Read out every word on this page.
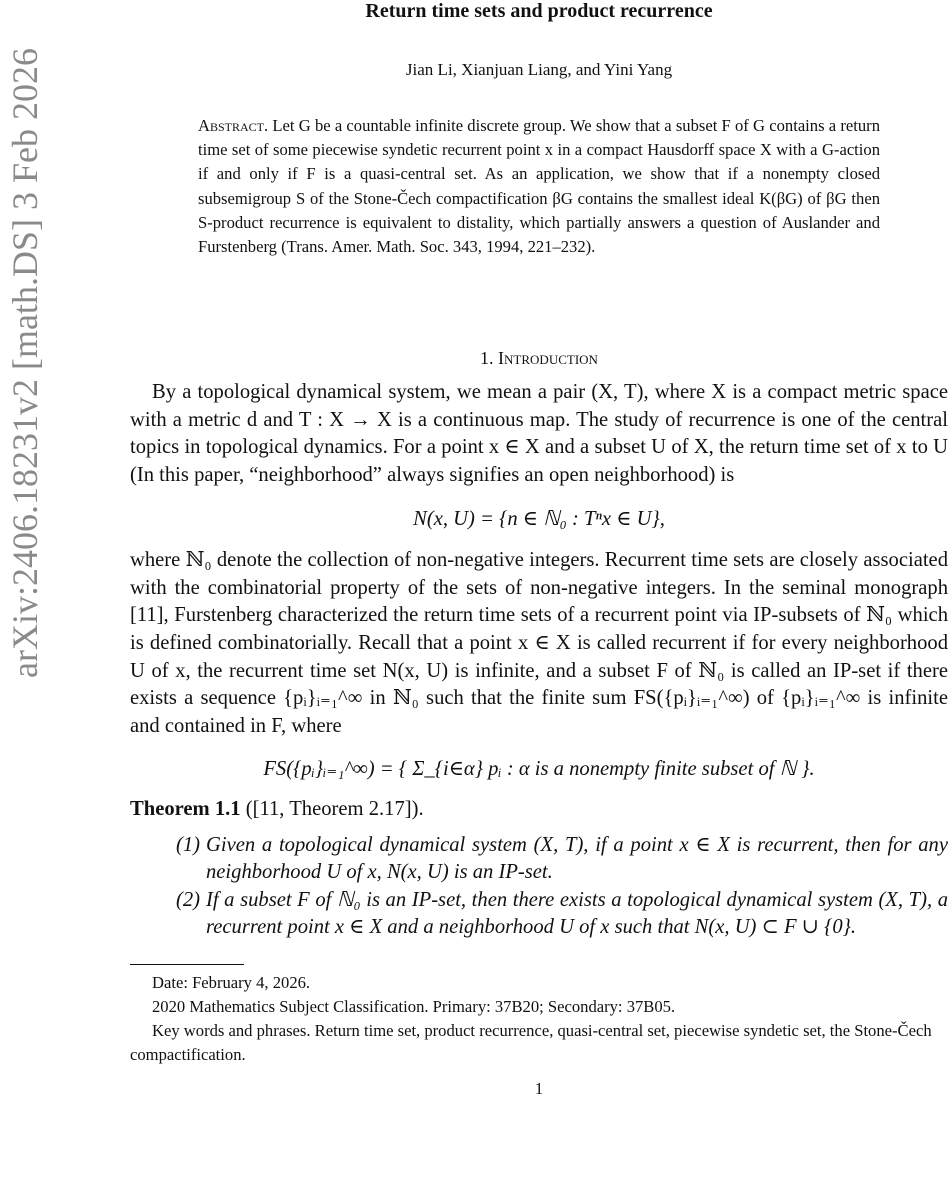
arXiv:2406.18231v2 [math.DS] 3 Feb 2026
Return time sets and product recurrence
Jian Li, Xianjuan Liang, and Yini Yang
Abstract. Let G be a countable infinite discrete group. We show that a subset F of G contains a return time set of some piecewise syndetic recurrent point x in a compact Hausdorff space X with a G-action if and only if F is a quasi-central set. As an application, we show that if a nonempty closed subsemigroup S of the Stone-Čech compactification βG contains the smallest ideal K(βG) of βG then S-product recurrence is equivalent to distality, which partially answers a question of Auslander and Furstenberg (Trans. Amer. Math. Soc. 343, 1994, 221–232).
1. Introduction

By a topological dynamical system, we mean a pair (X, T), where X is a compact metric space with a metric d and T : X → X is a continuous map. The study of recurrence is one of the central topics in topological dynamics. For a point x ∈ X and a subset U of X, the return time set of x to U (In this paper, “neighborhood” always signifies an open neighborhood) is

N(x, U) = {n ∈ ℕ₀ : Tⁿx ∈ U},

where ℕ₀ denote the collection of non-negative integers. Recurrent time sets are closely associated with the combinatorial property of the sets of non-negative integers. In the seminal monograph [11], Furstenberg characterized the return time sets of a recurrent point via IP-subsets of ℕ₀ which is defined combinatorially. Recall that a point x ∈ X is called recurrent if for every neighborhood U of x, the recurrent time set N(x, U) is infinite, and a subset F of ℕ₀ is called an IP-set if there exists a sequence {pᵢ}ᵢ₌₁^∞ in ℕ₀ such that the finite sum FS({pᵢ}ᵢ₌₁^∞) of {pᵢ}ᵢ₌₁^∞ is infinite and contained in F, where

FS({pᵢ}ᵢ₌₁^∞) = { Σ_{i∈α} pᵢ : α is a nonempty finite subset of ℕ }.
Theorem 1.1 ([11, Theorem 2.17]).
(1) Given a topological dynamical system (X, T), if a point x ∈ X is recurrent, then for any neighborhood U of x, N(x, U) is an IP-set.
(2) If a subset F of ℕ₀ is an IP-set, then there exists a topological dynamical system (X, T), a recurrent point x ∈ X and a neighborhood U of x such that N(x, U) ⊂ F ∪ {0}.

Date: February 4, 2026.

2020 Mathematics Subject Classification. Primary: 37B20; Secondary: 37B05.

Key words and phrases. Return time set, product recurrence, quasi-central set, piecewise syndetic set, the Stone-Čech compactification.

1
